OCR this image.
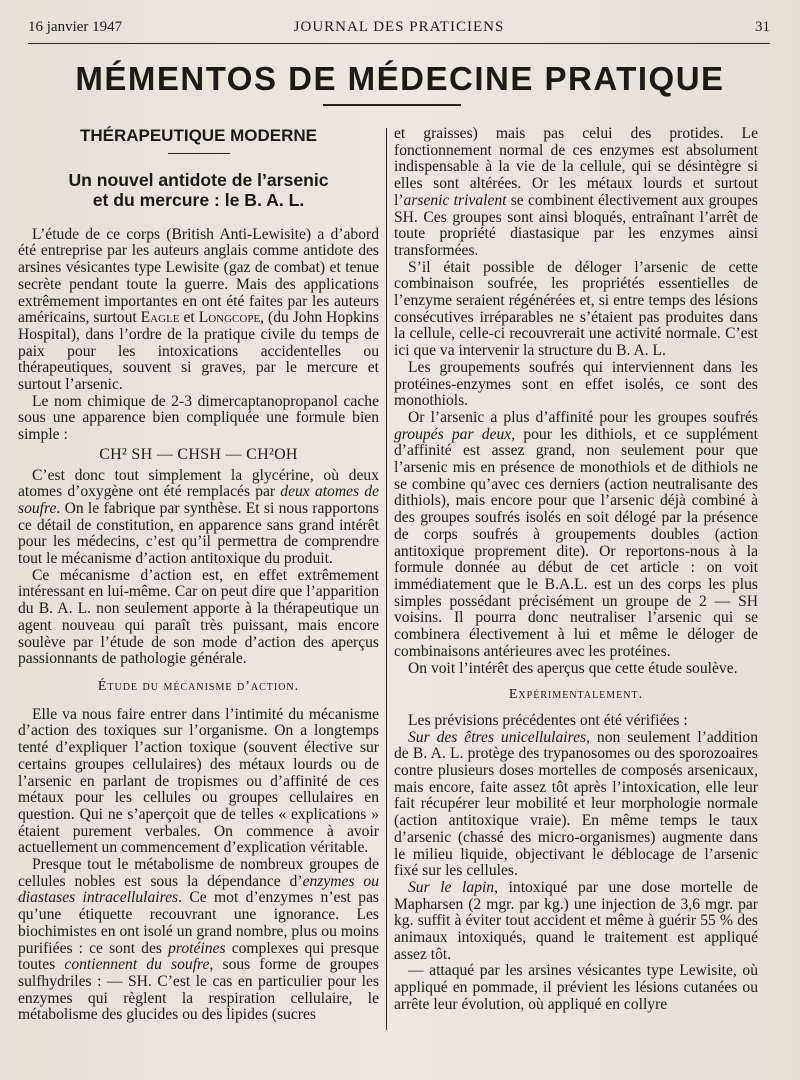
16 janvier 1947	JOURNAL DES PRATICIENS	31
MÉMENTOS DE MÉDECINE PRATIQUE
THÉRAPEUTIQUE MODERNE
Un nouvel antidote de l’arsenic
et du mercure : le B. A. L.

L’étude de ce corps (British Anti-Lewisite) a d’abord été entreprise par les auteurs anglais comme antidote des arsines vésicantes type Lewisite (gaz de combat) et tenue secrète pendant toute la guerre. Mais des applications extrêmement importantes en ont été faites par les auteurs américains, surtout Eagle et Longcope, (du John Hopkins Hospital), dans l’ordre de la pratique civile du temps de paix pour les intoxications accidentelles ou thérapeutiques, souvent si graves, par le mercure et surtout l’arsenic.

Le nom chimique de 2-3 dimercaptanopropanol cache sous une apparence bien compliquée une formule bien simple :

CH² SH — CHSH — CH²OH

C’est donc tout simplement la glycérine, où deux atomes d’oxygène ont été remplacés par deux atomes de soufre. On le fabrique par synthèse. Et si nous rapportons ce détail de constitution, en apparence sans grand intérêt pour les médecins, c’est qu’il permettra de comprendre tout le mécanisme d’action antitoxique du produit.

Ce mécanisme d’action est, en effet extrêmement intéressant en lui-même. Car on peut dire que l’apparition du B. A. L. non seulement apporte à la thérapeutique un agent nouveau qui paraît très puissant, mais encore soulève par l’étude de son mode d’action des aperçus passionnants de pathologie générale.

Étude du mécanisme d’action.

Elle va nous faire entrer dans l’intimité du mécanisme d’action des toxiques sur l’organisme. On a longtemps tenté d’expliquer l’action toxique (souvent élective sur certains groupes cellulaires) des métaux lourds ou de l’arsenic en parlant de tropismes ou d’affinité de ces métaux pour les cellules ou groupes cellulaires en question. Qui ne s’aperçoit que de telles « explications » étaient purement verbales. On commence à avoir actuellement un commencement d’explication véritable.

Presque tout le métabolisme de nombreux groupes de cellules nobles est sous la dépendance d’enzymes ou diastases intracellulaires. Ce mot d’enzymes n’est pas qu’une étiquette recouvrant une ignorance. Les biochimistes en ont isolé un grand nombre, plus ou moins purifiées : ce sont des protéines complexes qui presque toutes contiennent du soufre, sous forme de groupes sulfhydriles : — SH. C’est le cas en particulier pour les enzymes qui règlent la respiration cellulaire, le métabolisme des glucides ou des lipides (sucres

et graisses) mais pas celui des protides. Le fonctionnement normal de ces enzymes est absolument indispensable à la vie de la cellule, qui se désintègre si elles sont altérées. Or les métaux lourds et surtout l’arsenic trivalent se combinent électivement aux groupes SH. Ces groupes sont ainsi bloqués, entraînant l’arrêt de toute propriété diastasique par les enzymes ainsi transformées.

S’il était possible de déloger l’arsenic de cette combinaison soufrée, les propriétés essentielles de l’enzyme seraient régénérées et, si entre temps des lésions consécutives irréparables ne s’étaient pas produites dans la cellule, celle-ci recouvrerait une activité normale. C’est ici que va intervenir la structure du B. A. L.

Les groupements soufrés qui interviennent dans les protéines-enzymes sont en effet isolés, ce sont des monothiols.

Or l’arsenic a plus d’affinité pour les groupes soufrés groupés par deux, pour les dithiols, et ce supplément d’affinité est assez grand, non seulement pour que l’arsenic mis en présence de monothiols et de dithiols ne se combine qu’avec ces derniers (action neutralisante des dithiols), mais encore pour que l’arsenic déjà combiné à des groupes soufrés isolés en soit délogé par la présence de corps soufrés à groupements doubles (action antitoxique proprement dite). Or reportons-nous à la formule donnée au début de cet article : on voit immédiatement que le B.A.L. est un des corps les plus simples possédant précisément un groupe de 2 — SH voisins. Il pourra donc neutraliser l’arsenic qui se combinera électivement à lui et même le déloger de combinaisons antérieures avec les protéines.

On voit l’intérêt des aperçus que cette étude soulève.

Expérimentalement.

Les prévisions précédentes ont été vérifiées :

Sur des êtres unicellulaires, non seulement l’addition de B. A. L. protège des trypanosomes ou des sporozoaires contre plusieurs doses mortelles de composés arsenicaux, mais encore, faite assez tôt après l’intoxication, elle leur fait récupérer leur mobilité et leur morphologie normale (action antitoxique vraie). En même temps le taux d’arsenic (chassé des micro-organismes) augmente dans le milieu liquide, objectivant le déblocage de l’arsenic fixé sur les cellules.

Sur le lapin, intoxiqué par une dose mortelle de Mapharsen (2 mgr. par kg.) une injection de 3,6 mgr. par kg. suffit à éviter tout accident et même à guérir 55 % des animaux intoxiqués, quand le traitement est appliqué assez tôt.

— attaqué par les arsines vésicantes type Lewisite, où appliqué en pommade, il prévient les lésions cutanées ou arrête leur évolution, où appliqué en collyre
